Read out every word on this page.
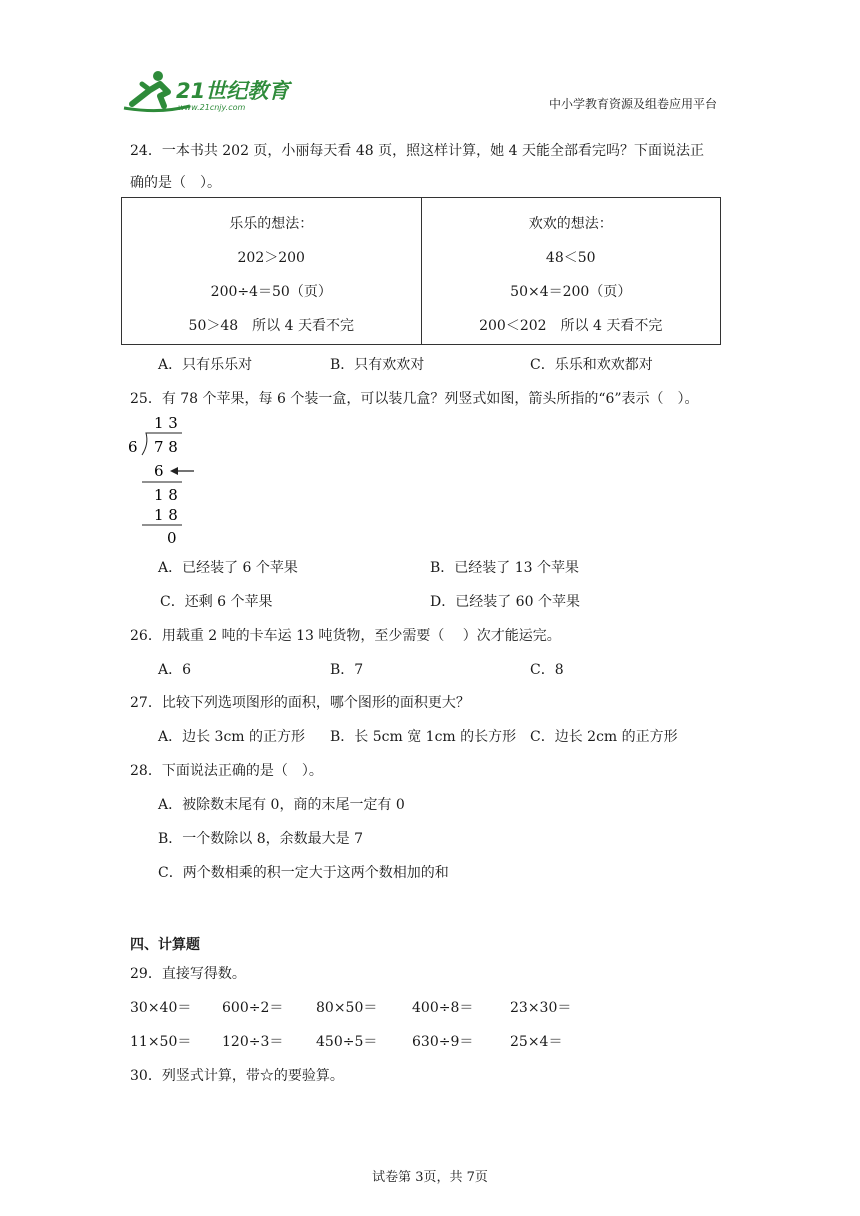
21世纪教育
www.21cnjy.com	中小学教育资源及组卷应用平台
24．一本书共 202 页，小丽每天看 48 页，照这样计算，她 4 天能全部看完吗？下面说法正
确的是（　）。
乐乐的想法：
202＞200
200÷4＝50（页）
50＞48　所以 4 天看不完
欢欢的想法：
48＜50
50×4＝200（页）
200＜202　所以 4 天看不完
A．只有乐乐对	B．只有欢欢对	C．乐乐和欢欢都对
25．有 78 个苹果，每 6 个装一盒，可以装几盒？列竖式如图，箭头所指的“6”表示（　）。
1 3
6 7 8
6
1 8
1 8
0
A．已经装了 6 个苹果	B．已经装了 13 个苹果
C．还剩 6 个苹果	D．已经装了 60 个苹果
26．用载重 2 吨的卡车运 13 吨货物，至少需要（　 ）次才能运完。
A．6	B．7	C．8
27．比较下列选项图形的面积，哪个图形的面积更大？
A．边长 3cm 的正方形 B．长 5cm 宽 1cm 的长方形 C．边长 2cm 的正方形
28．下面说法正确的是（　）。
A．被除数末尾有 0，商的末尾一定有 0
B．一个数除以 8，余数最大是 7
C．两个数相乘的积一定大于这两个数相加的和
四、计算题
29．直接写得数。
30×40＝ 600÷2＝ 80×50＝ 400÷8＝	23×30＝
11×50＝ 120÷3＝ 450÷5＝ 630÷9＝	25×4＝
30．列竖式计算，带☆的要验算。
试卷第 3页，共 7页
